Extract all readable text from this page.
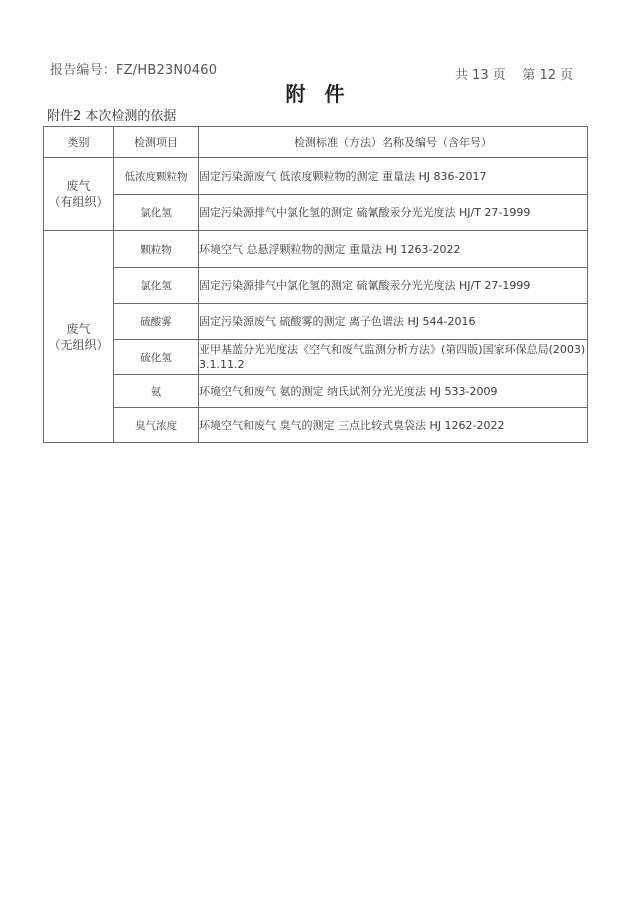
报告编号：FZ/HB23N0460	共 13 页    第 12 页
附 件
附件2 本次检测的依据
类别	检测项目	检测标准（方法）名称及编号（含年号）

废气
（有组织）	低浓度颗粒物	固定污染源废气 低浓度颗粒物的测定 重量法 HJ 836-2017
	氯化氢	固定污染源排气中氯化氢的测定 硫氰酸汞分光光度法 HJ/T 27-1999

废气
（无组织）	颗粒物	环境空气 总悬浮颗粒物的测定 重量法 HJ 1263-2022
	氯化氢	固定污染源排气中氯化氢的测定 硫氰酸汞分光光度法 HJ/T 27-1999
	硫酸雾	固定污染源废气 硫酸雾的测定 离子色谱法 HJ 544-2016
	硫化氢	亚甲基蓝分光光度法《空气和废气监测分析方法》(第四版)国家环保总局(2003) 3.1.11.2
	氨	环境空气和废气 氨的测定 纳氏试剂分光光度法 HJ 533-2009
	臭气浓度	环境空气和废气 臭气的测定 三点比较式臭袋法 HJ 1262-2022
